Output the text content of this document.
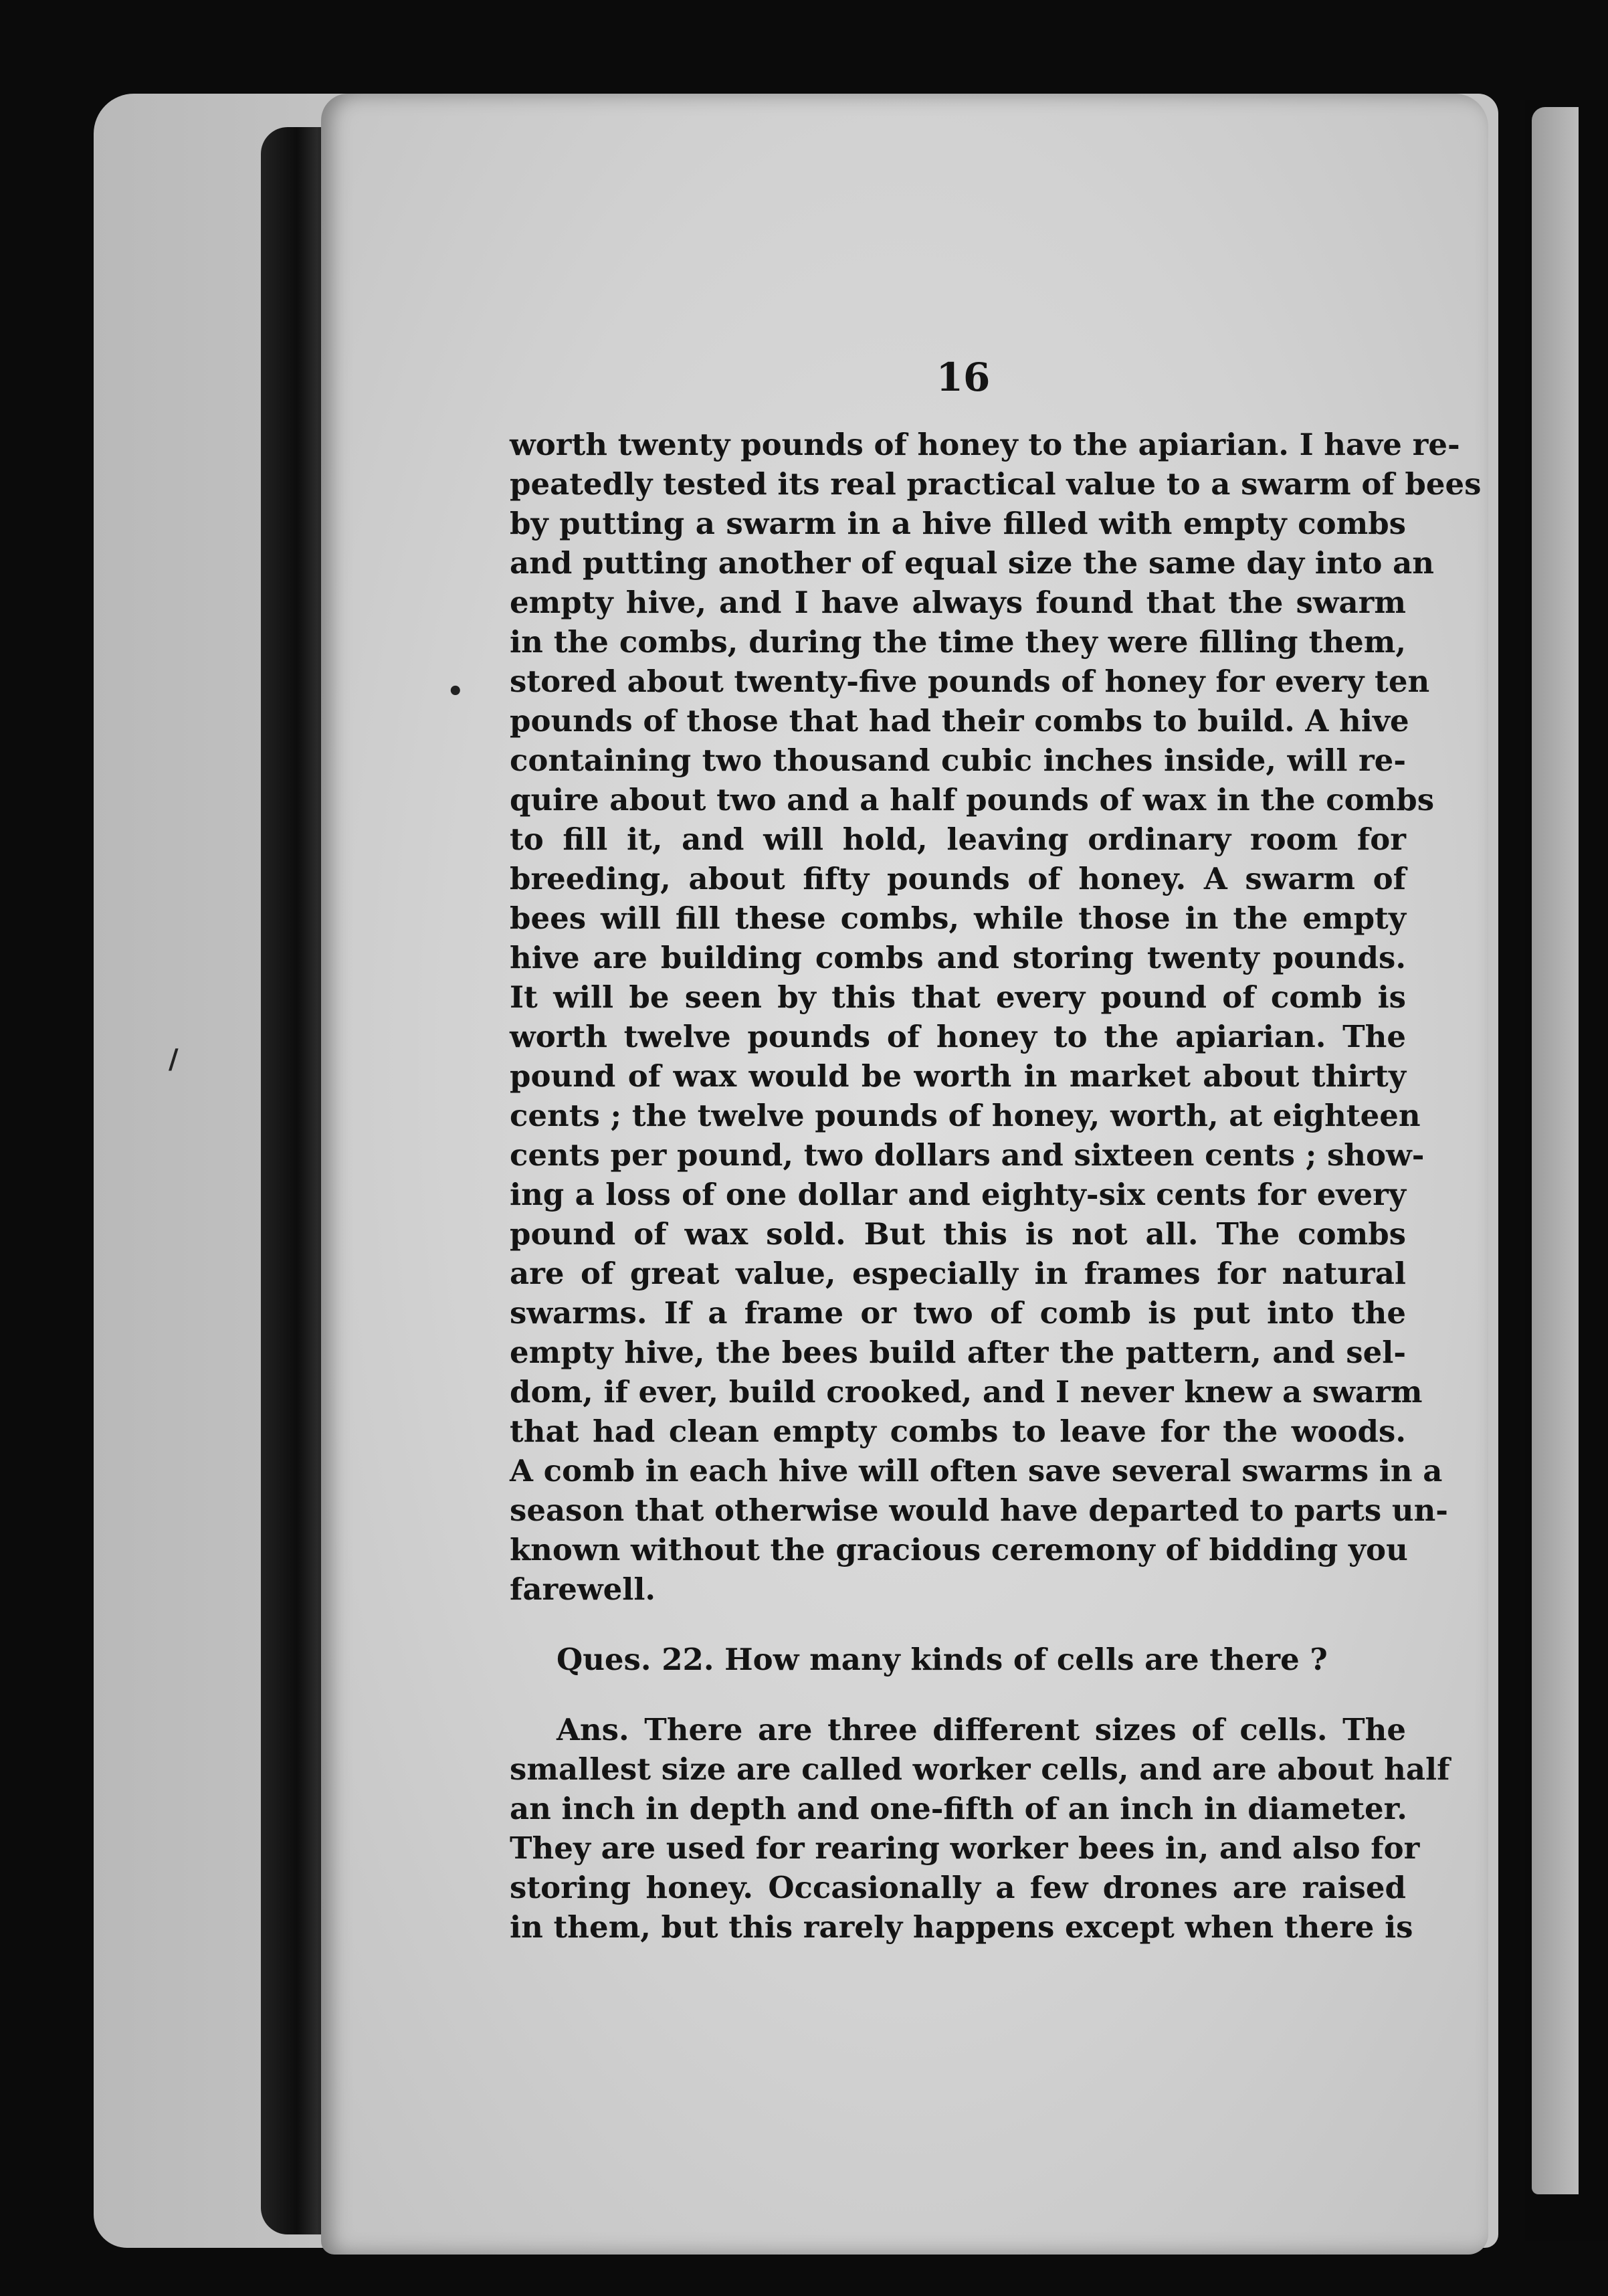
•
/
16
worth twenty pounds of honey to the apiarian. I have re-
peatedly tested its real practical value to a swarm of bees
by putting a swarm in a hive filled with empty combs
and putting another of equal size the same day into an
empty hive, and I have always found that the swarm
in the combs, during the time they were filling them,
stored about twenty-five pounds of honey for every ten
pounds of those that had their combs to build. A hive
containing two thousand cubic inches inside, will re-
quire about two and a half pounds of wax in the combs
to fill it, and will hold, leaving ordinary room for
breeding, about fifty pounds of honey. A swarm of
bees will fill these combs, while those in the empty
hive are building combs and storing twenty pounds.
It will be seen by this that every pound of comb is
worth twelve pounds of honey to the apiarian. The
pound of wax would be worth in market about thirty
cents ; the twelve pounds of honey, worth, at eighteen
cents per pound, two dollars and sixteen cents ; show-
ing a loss of one dollar and eighty-six cents for every
pound of wax sold. But this is not all. The combs
are of great value, especially in frames for natural
swarms. If a frame or two of comb is put into the
empty hive, the bees build after the pattern, and sel-
dom, if ever, build crooked, and I never knew a swarm
that had clean empty combs to leave for the woods.
A comb in each hive will often save several swarms in a
season that otherwise would have departed to parts un-
known without the gracious ceremony of bidding you
farewell.
Ques. 22. How many kinds of cells are there ?
Ans. There are three different sizes of cells. The
smallest size are called worker cells, and are about half
an inch in depth and one-fifth of an inch in diameter.
They are used for rearing worker bees in, and also for
storing honey. Occasionally a few drones are raised
in them, but this rarely happens except when there is
